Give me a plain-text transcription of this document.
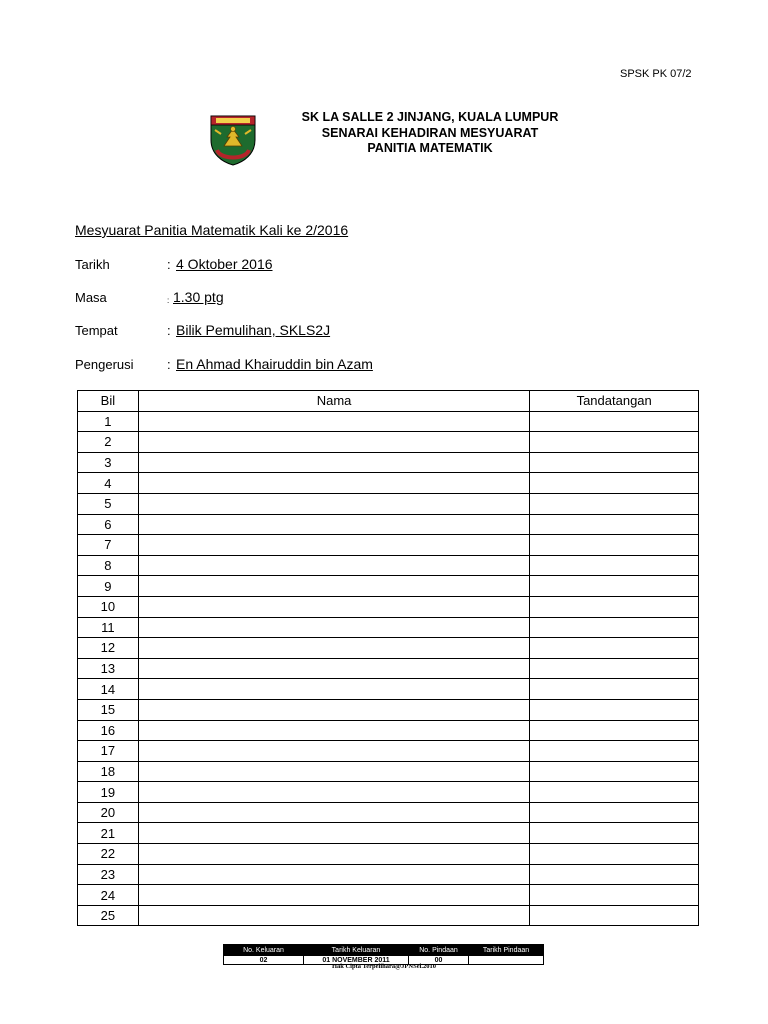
SPSK PK 07/2
SK LA SALLE 2 JINJANG, KUALA LUMPUR
SENARAI KEHADIRAN MESYUARAT
PANITIA MATEMATIK
Mesyuarat Panitia Matematik Kali ke 2/2016
Tarikh	: 4 Oktober 2016
Masa	: 1.30 ptg
Tempat	: Bilik Pemulihan, SKLS2J
Pengerusi	: En Ahmad Khairuddin bin Azam
Bil	Nama	Tandatangan
1		
2		
3		
4		
5		
6		
7		
8		
9		
10		
11		
12		
13		
14		
15		
16		
17		
18		
19		
20		
21		
22		
23		
24		
25		
No. Keluaran	Tarikh Keluaran	No. Pindaan	Tarikh Pindaan
02	01 NOVEMBER 2011	00	
Hak Cipta Terpelihara@JPNSel.2010
